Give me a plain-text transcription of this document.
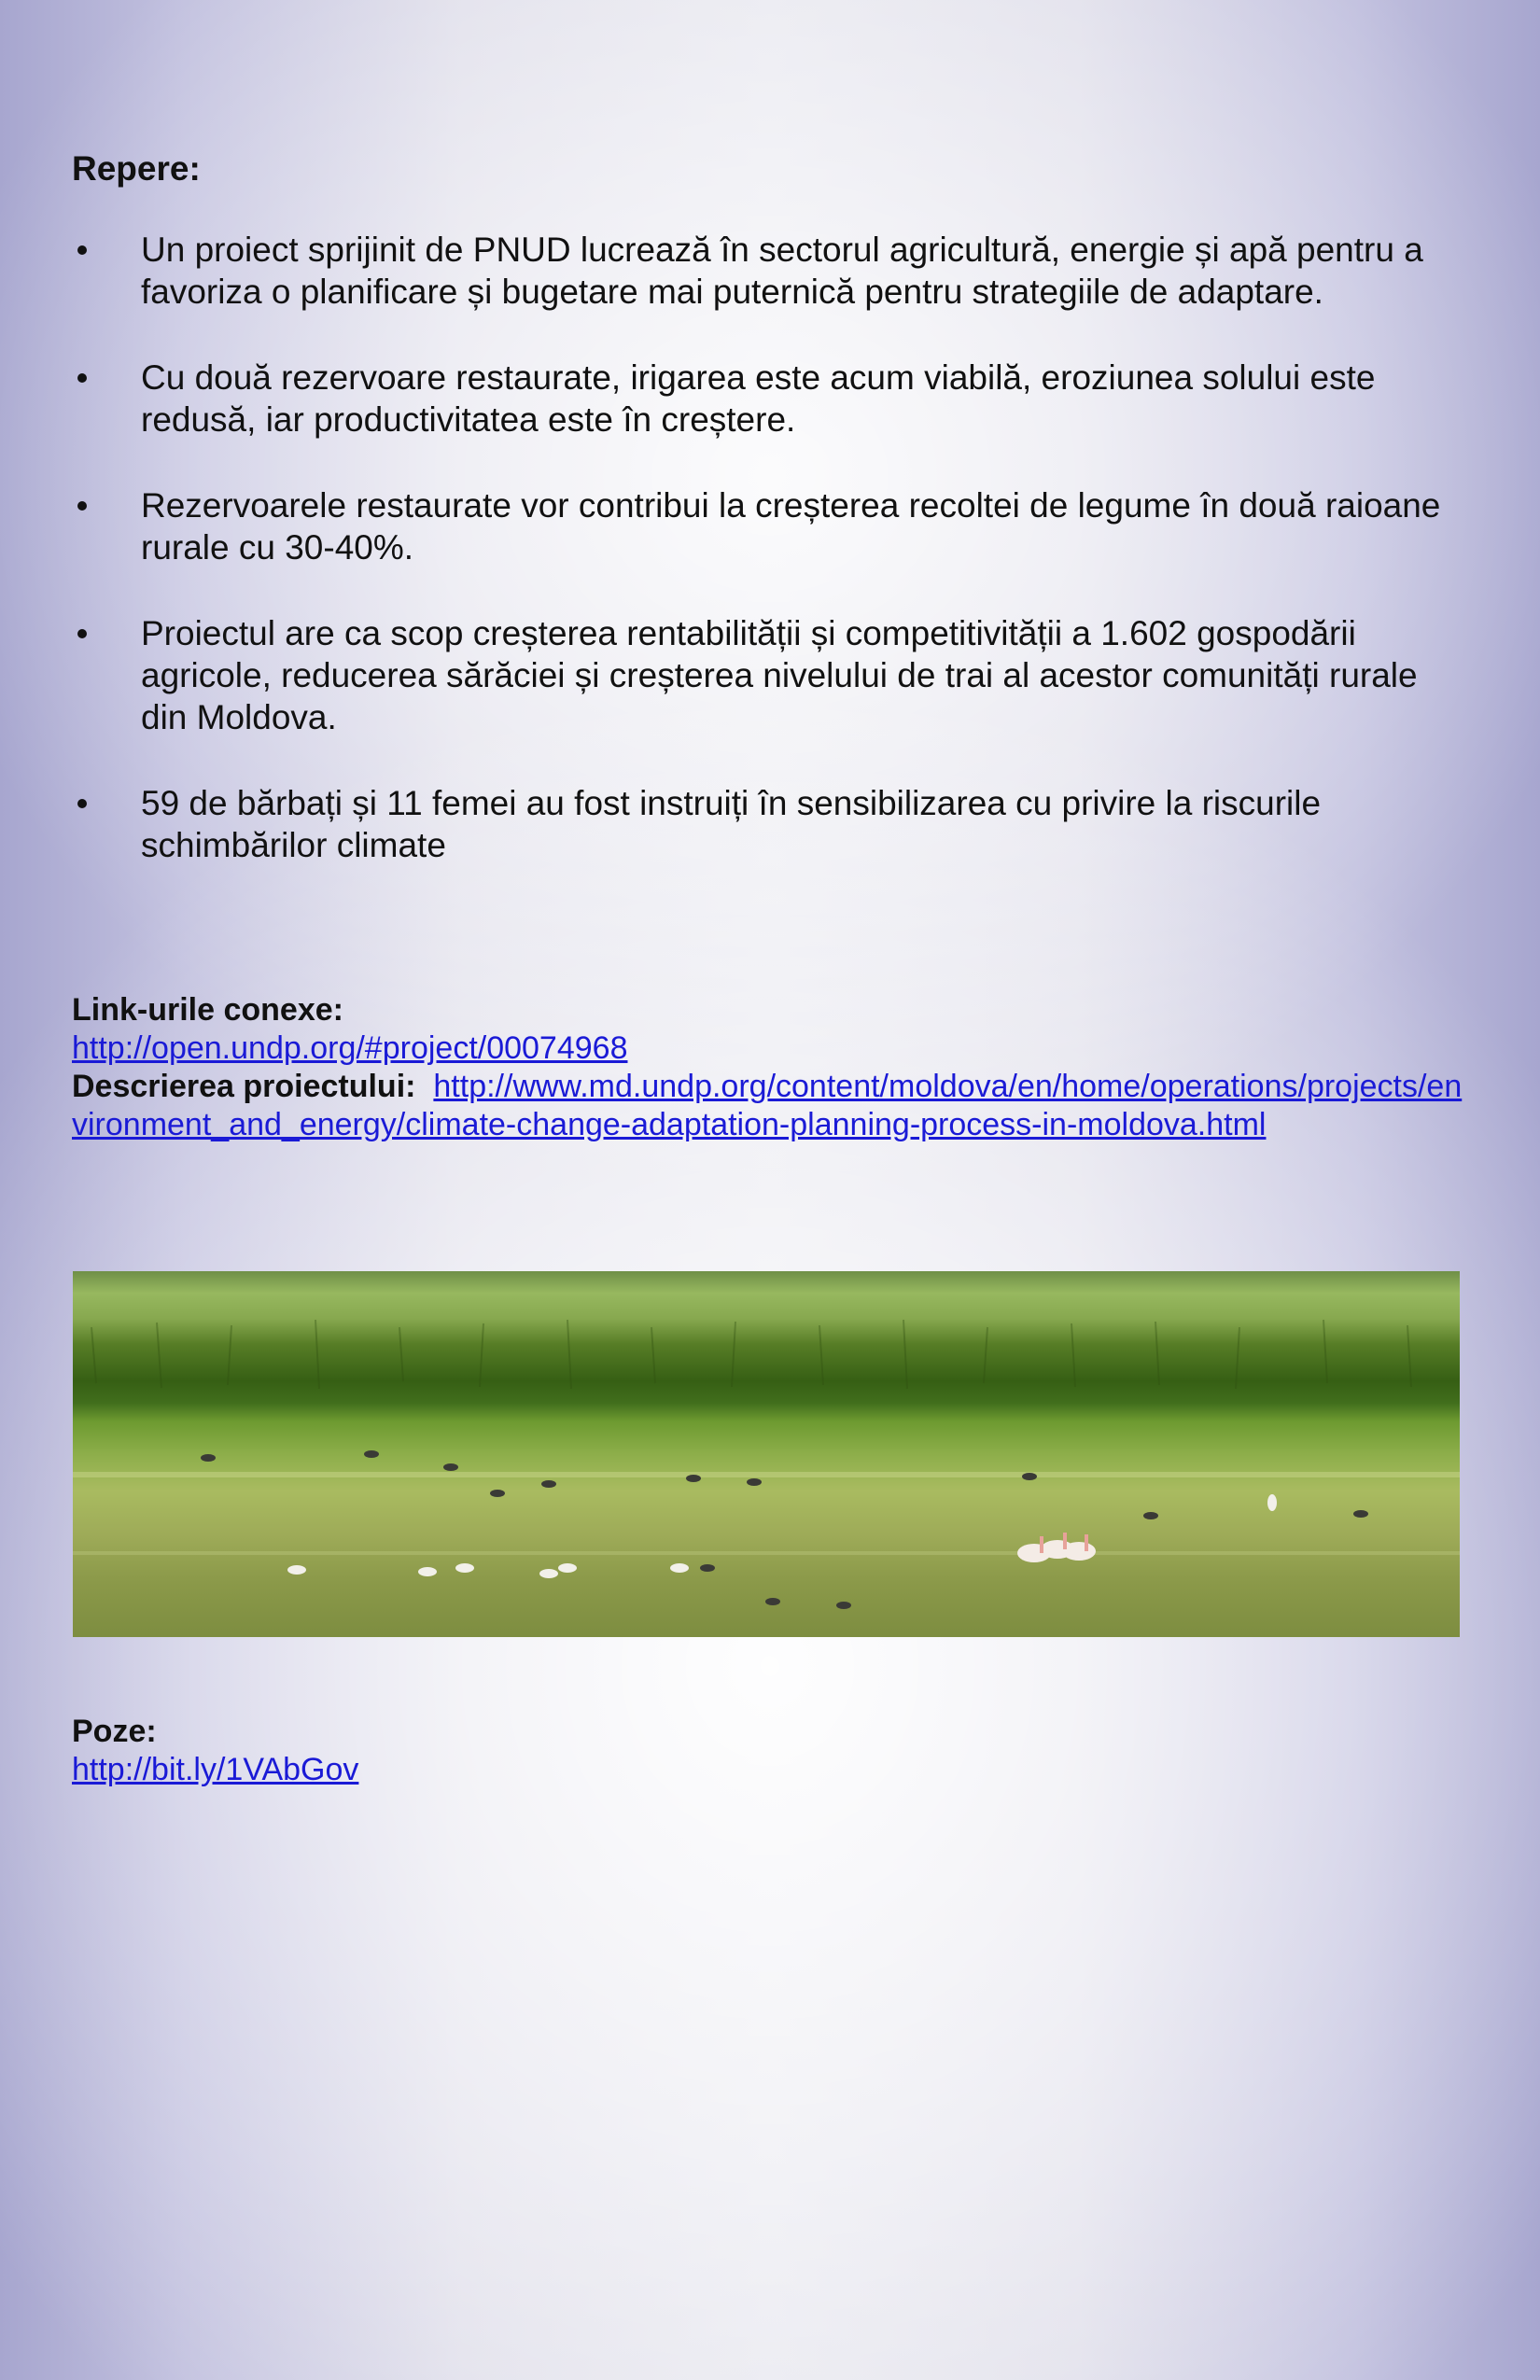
Repere:
Un proiect sprijinit de PNUD lucrează în sectorul agricultură, energie și apă pentru a favoriza o planificare și bugetare mai puternică pentru strategiile de adaptare.
Cu două rezervoare restaurate, irigarea este acum viabilă, eroziunea solului este redusă, iar productivitatea este în creștere.
Rezervoarele restaurate vor contribui la creșterea recoltei de legume în două raioane rurale cu 30-40%.
Proiectul are ca scop creșterea rentabilității și competitivității a 1.602 gospodării agricole, reducerea sărăciei și creșterea nivelului de trai al acestor comunități rurale din Moldova.
59 de bărbați și 11 femei au fost instruiți în sensibilizarea cu privire la riscurile schimbărilor climate
Link-urile conexe:
http://open.undp.org/#project/00074968
Descrierea proiectului: http://www.md.undp.org/content/moldova/en/home/operations/projects/environment_and_energy/climate-change-adaptation-planning-process-in-moldova.html
Poze:
http://bit.ly/1VAbGov
